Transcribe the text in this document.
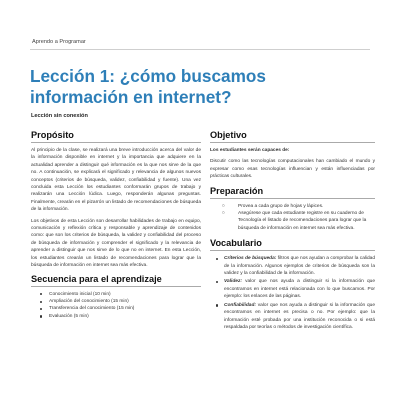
Aprendo a Programar
Lección 1: ¿cómo buscamos información en internet?
Lección sin conexión
Propósito

Al principio de la clase, se realizará una breve introducción acerca del valor de la información disponible en internet y la importancia que adquiere en la actualidad aprender a distinguir qué información es la que nos sirve de la que no. A continuación, se explicará el significado y relevancia de algunos nuevos conceptos (criterios de búsqueda, validez, confiabilidad y fuente). Una vez concluida esta Lección los estudiantes conformarán grupos de trabajo y realizarán una Lección lúdica. Luego, responderán algunas preguntas. Finalmente, crearán en el pizarrón un listado de recomendaciones de búsqueda de la información.

Los objetivos de esta Lección son desarrollar habilidades de trabajo en equipo, comunicación y reflexión crítica y responsable y aprendizaje de contenidos como: que son los criterios de búsqueda, la validez y confiabilidad del proceso de búsqueda de información y comprender el significado y la relevancia de aprender a distinguir que nos sirve de lo que no en internet. En esta Lección, los estudiantes crearán un listado de recomendaciones para lograr que la búsqueda de información en internet sea más efectiva.

Secuencia para el aprendizaje
Conocimiento inicial (10 min)
Ampliación del conocimiento (15 min)
Transferencia del conocimiento (15 min)
Evaluación (5 min)
Objetivo

Los estudiantes serán capaces de:

Discutir como las tecnologías computacionales han cambiado el mundo y expresar como esas tecnologías influencian y están influenciadas por prácticas culturales.

Preparación
○	Provea a cada grupo de hojas y lápices.
○	Asegúrese que cada estudiante registre en su cuaderno de Tecnología el listado de recomendaciones para lograr que la búsqueda de información en internet sea más efectiva.
Vocabulario
Criterios de búsqueda: filtros que nos ayudan a comprobar la calidad de la información. Algunos ejemplos de criterios de búsqueda son la validez y la confiabilidad de la información.
Validez: valor que nos ayuda a distinguir si la información que encontramos en internet está relacionada con lo que buscamos. Por ejemplo: los enlaces de las páginas.
Confiabilidad: valor que nos ayuda a distinguir si la información que encontramos en internet es precisa o no. Por ejemplo: que la información esté probada por una institución reconocida o si está respaldada por teorías o métodos de investigación científica.
